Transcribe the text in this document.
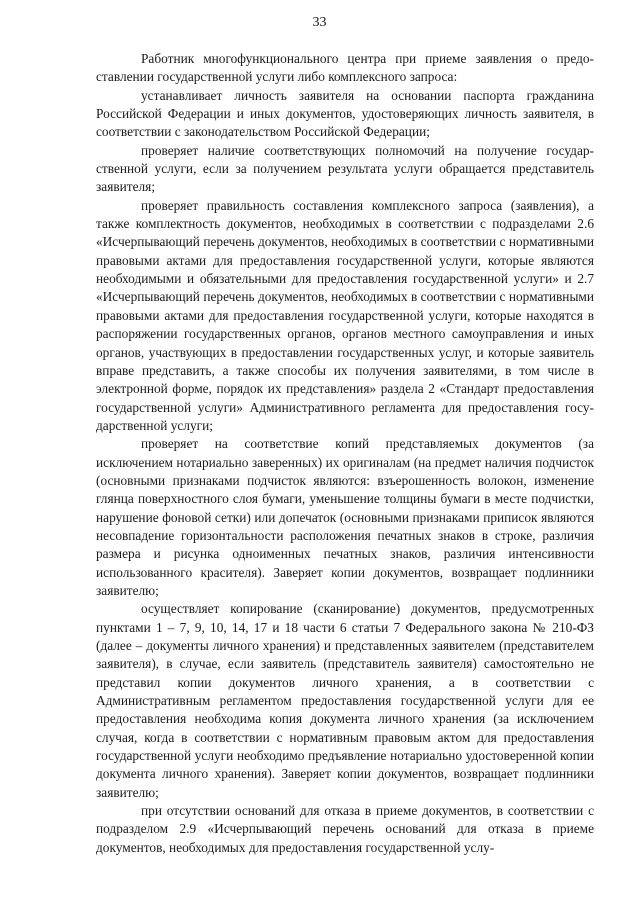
33

Работник многофункционального центра при приеме заявления о предоставлении государственной услуги либо комплексного запроса:

устанавливает личность заявителя на основании паспорта гражданина Российской Федерации и иных документов, удостоверяющих личность заявителя, в соответствии с законодательством Российской Федерации;

проверяет наличие соответствующих полномочий на получение государственной услуги, если за получением результата услуги обращается представитель заявителя;

проверяет правильность составления комплексного запроса (заявления), а также комплектность документов, необходимых в соответствии с подразделами 2.6 «Исчерпывающий перечень документов, необходимых в соответствии с нормативными правовыми актами для предоставления государственной услуги, которые являются необходимыми и обязательными для предоставления государственной услуги» и 2.7 «Исчерпывающий перечень документов, необходимых в соответствии с нормативными правовыми актами для предоставления государственной услуги, которые находятся в распоряжении государственных органов, органов местного самоуправления и иных органов, участвующих в предоставлении государственных услуг, и которые заявитель вправе представить, а также способы их получения заявителями, в том числе в электронной форме, порядок их представления» раздела 2 «Стандарт предоставления государственной услуги» Административного регламента для предоставления государственной услуги;

проверяет на соответствие копий представляемых документов (за исключением нотариально заверенных) их оригиналам (на предмет наличия подчисток (основными признаками подчисток являются: взъерошенность волокон, изменение глянца поверхностного слоя бумаги, уменьшение толщины бумаги в месте подчистки, нарушение фоновой сетки) или допечаток (основными признаками приписок являются несовпадение горизонтальности расположения печатных знаков в строке, различия размера и рисунка одноименных печатных знаков, различия интенсивности использованного красителя). Заверяет копии документов, возвращает подлинники заявителю;

осуществляет копирование (сканирование) документов, предусмотренных пунктами 1 – 7, 9, 10, 14, 17 и 18 части 6 статьи 7 Федерального закона № 210-ФЗ (далее – документы личного хранения) и представленных заявителем (представителем заявителя), в случае, если заявитель (представитель заявителя) самостоятельно не представил копии документов личного хранения, а в соответствии с Административным регламентом предоставления государственной услуги для ее предоставления необходима копия документа личного хранения (за исключением случая, когда в соответствии с нормативным правовым актом для предоставления государственной услуги необходимо предъявление нотариально удостоверенной копии документа личного хранения). Заверяет копии документов, возвращает подлинники заявителю;

при отсутствии оснований для отказа в приеме документов, в соответствии с подразделом 2.9 «Исчерпывающий перечень оснований для отказа в приеме документов, необходимых для предоставления государственной услу-
